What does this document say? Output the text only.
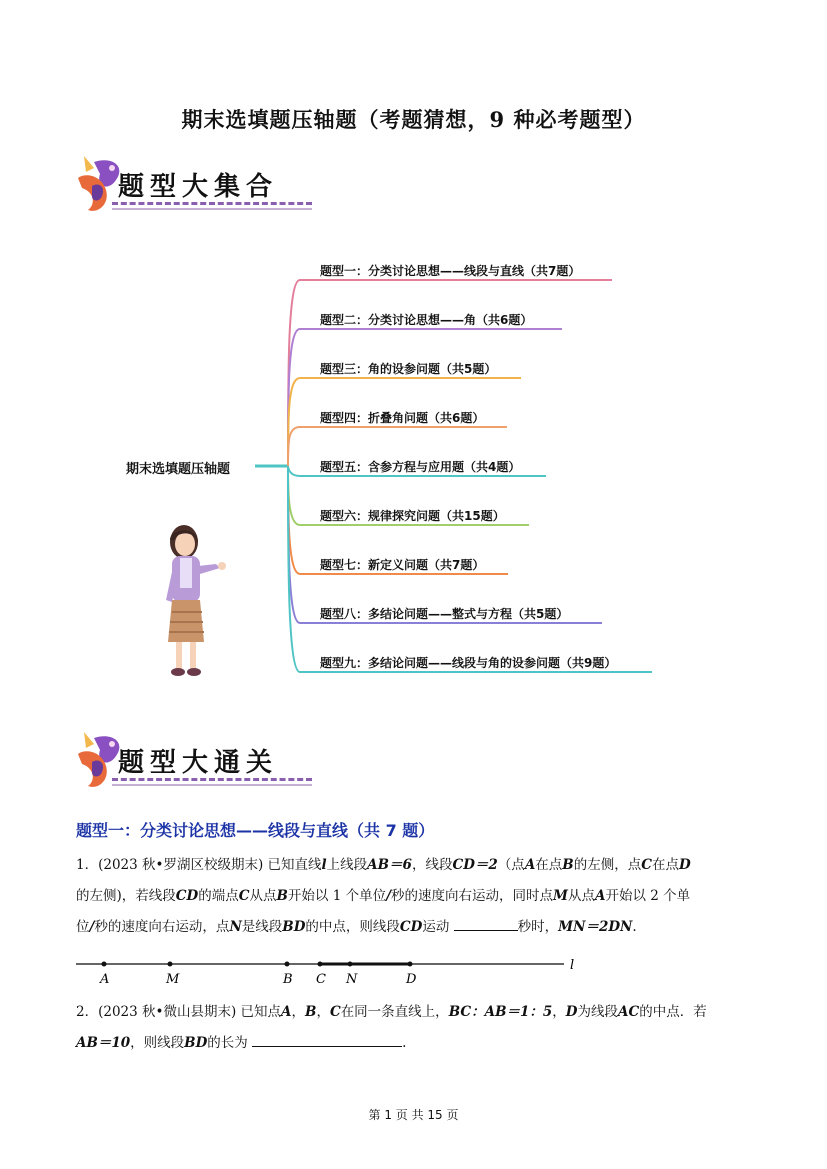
期末选填题压轴题（考题猜想，9 种必考题型）
题型大集合
期末选填题压轴题
题型一：分类讨论思想——线段与直线（共7题）
题型二：分类讨论思想——角（共6题）
题型三：角的设参问题（共5题）
题型四：折叠角问题（共6题）
题型五：含参方程与应用题（共4题）
题型六：规律探究问题（共15题）
题型七：新定义问题（共7题）
题型八：多结论问题——整式与方程（共5题）
题型九：多结论问题——线段与角的设参问题（共9题）
题型大通关
题型一：分类讨论思想——线段与直线（共 7 题）
1．(2023 秋•罗湖区校级期末) 已知直线l上线段AB＝6，线段CD＝2（点A在点B的左侧，点C在点D
的左侧)，若线段CD的端点C从点B开始以 1 个单位/秒的速度向右运动，同时点M从点A开始以 2 个单
位/秒的速度向右运动，点N是线段BD的中点，则线段CD运动	秒时，MN＝2DN.
A	M	B C N	D
l
2．(2023 秋•微山县期末) 已知点A，B，C在同一条直线上，BC：AB＝1：5，D为线段AC的中点．若
AB＝10，则线段BD的长为	.
第 1 页 共 15 页
